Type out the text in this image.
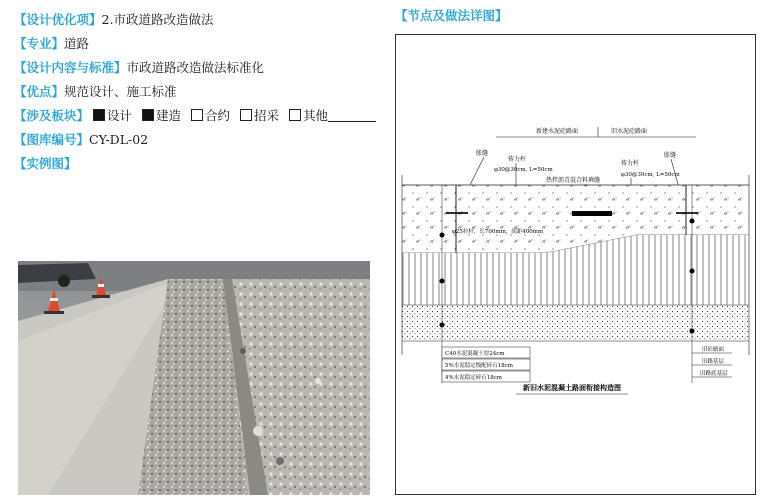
【设计优化项】2.市政道路改造做法
【专业】道路
【设计内容与标准】市政道路改造做法标准化
【优点】规范设计、施工标准
【涉及板块】 设计 建造 合约 招采 其他
【图库编号】CY-DL-02
【实例图】
【节点及做法详图】
新建水泥砼路面	旧水泥砼路面
胀缝	胀缝
传力杆
φ30@30cm, L=50cm
传力杆
φ30@30cm, L=50cm
热拌沥青混合料填缝
φ25拉杆，长700mm，间距400mm
C40水泥混凝土厚24cm
5%水泥稳定级配碎石18cm
4%水泥稳定碎石18cm
旧砼路面
旧路基层
旧路底基层
新旧水泥混凝土路面衔接构造图
